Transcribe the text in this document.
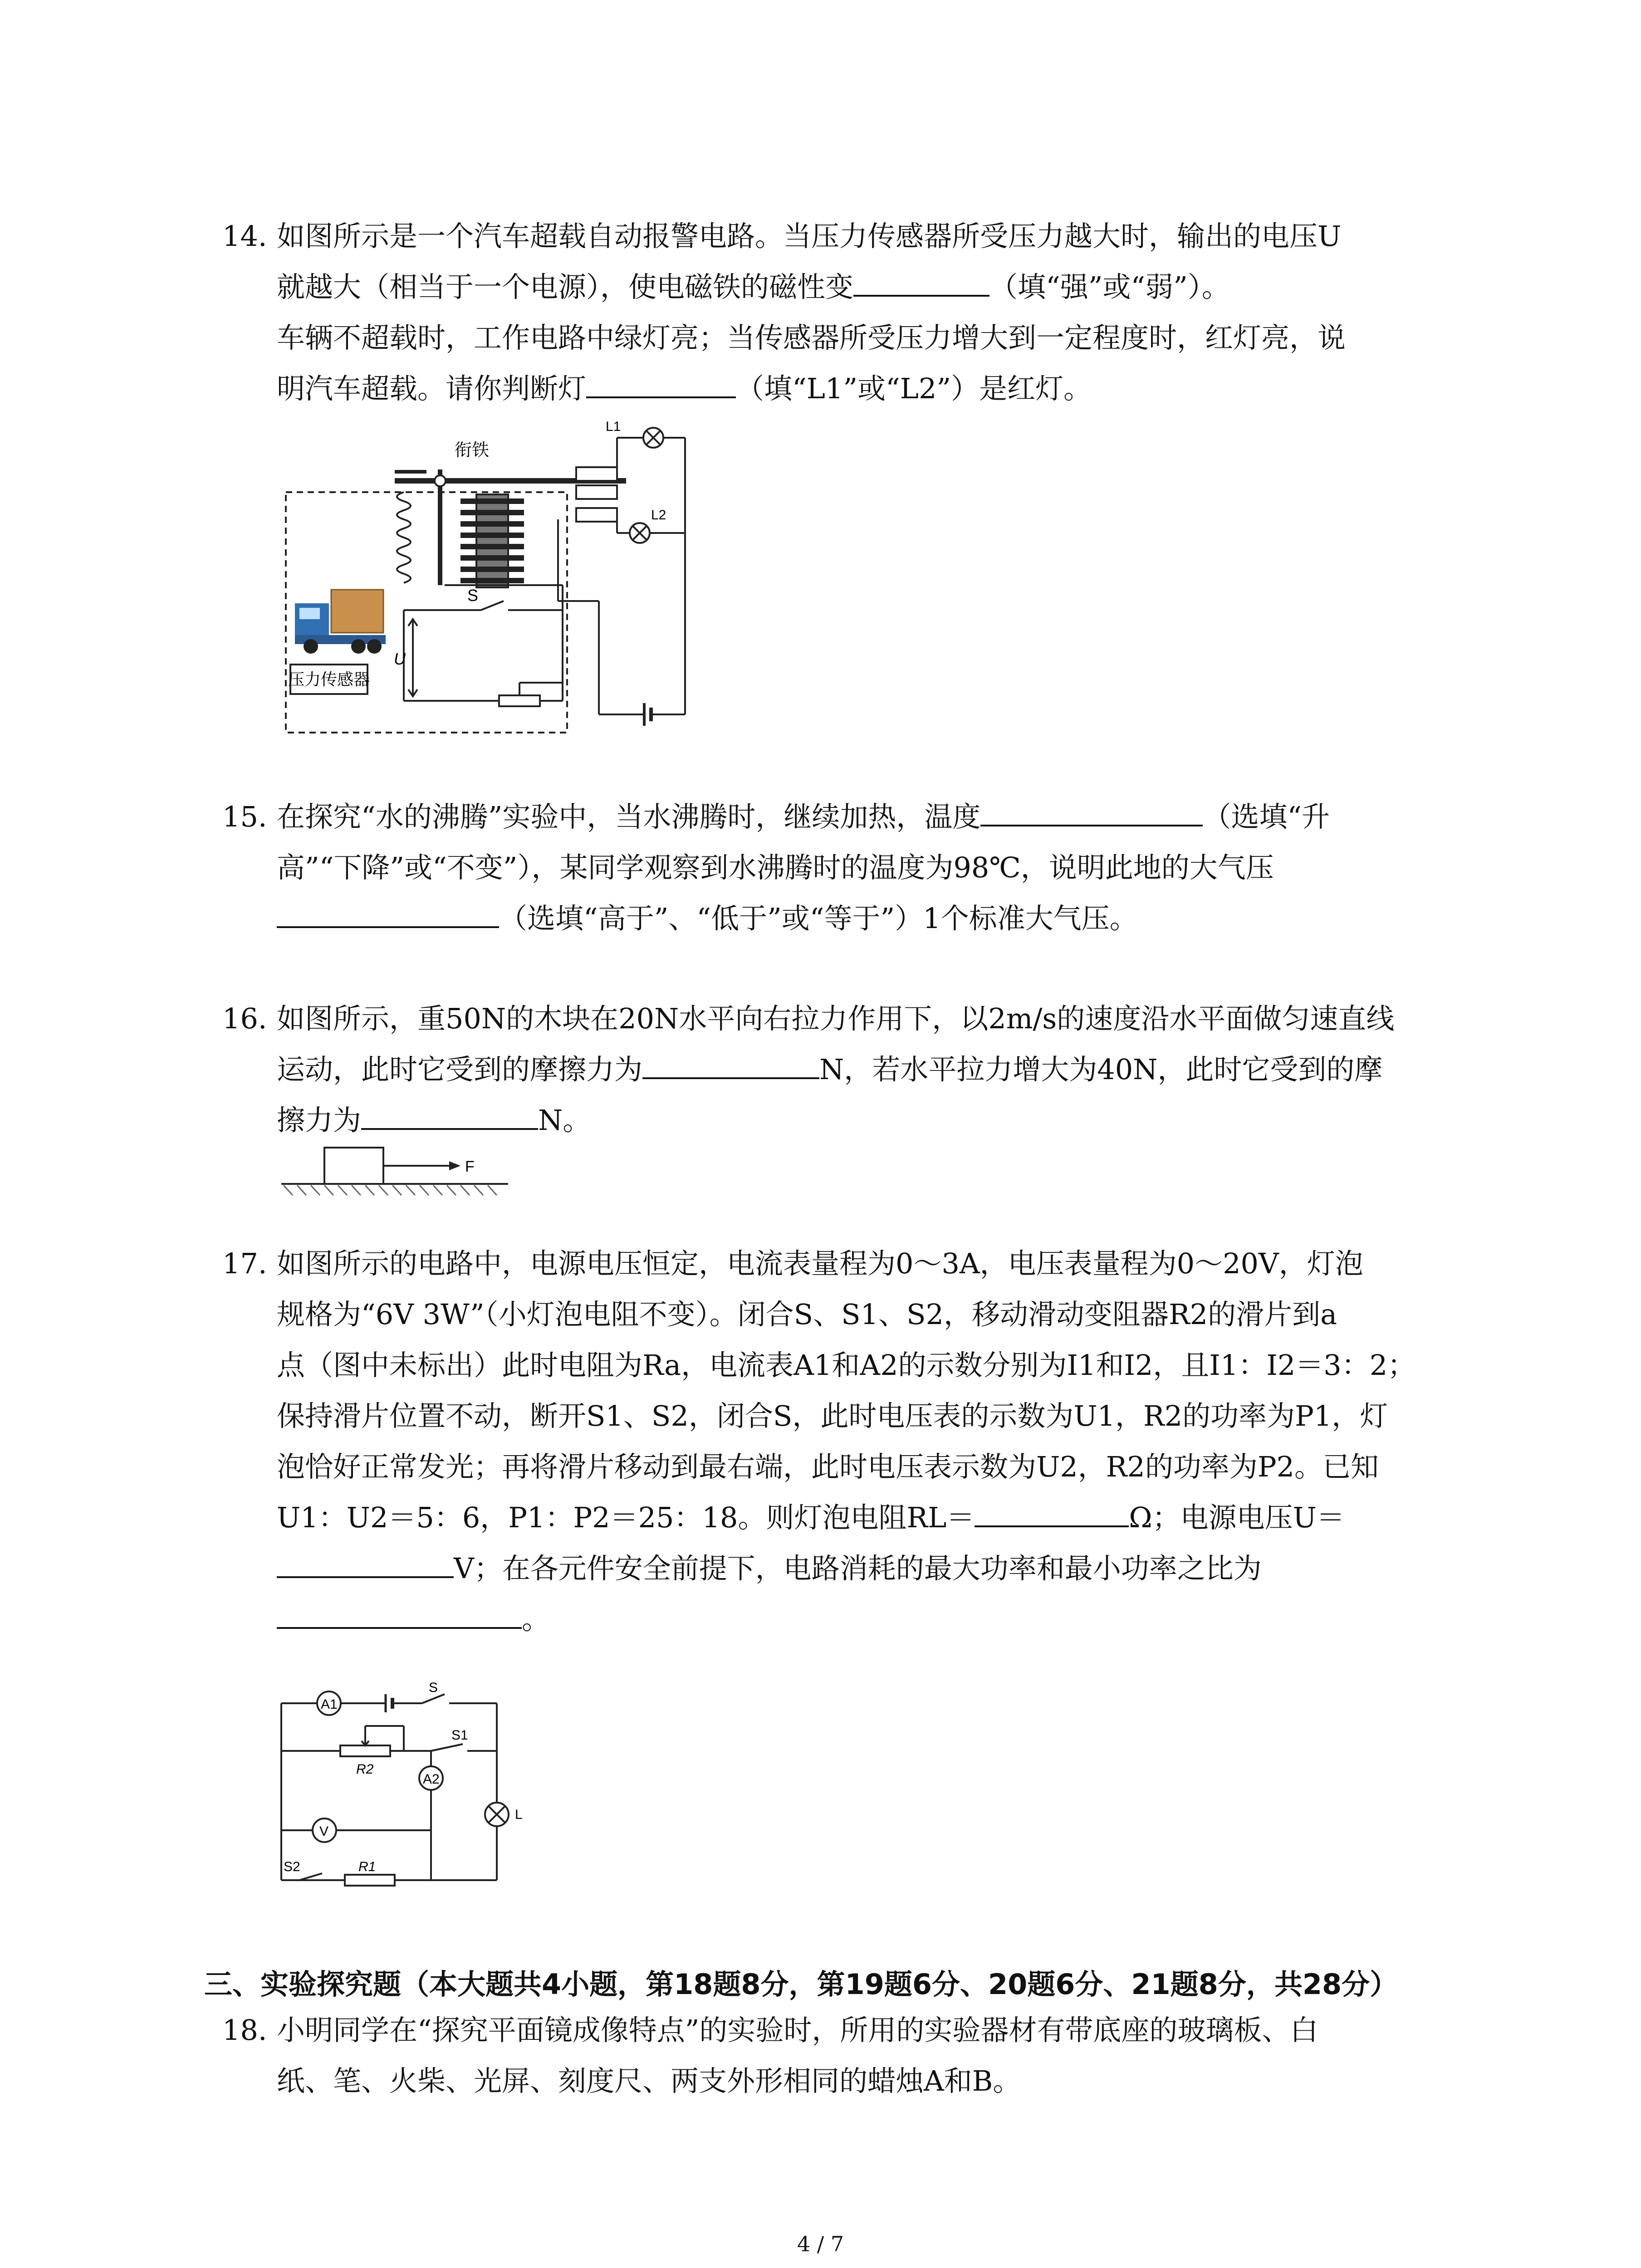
14. 如图所示是一个汽车超载自动报警电路。当压力传感器所受压力越大时，输出的电压U
就越大（相当于一个电源），使电磁铁的磁性变	（填“强”或“弱”）。
车辆不超载时，工作电路中绿灯亮；当传感器所受压力增大到一定程度时，红灯亮，说
明汽车超载。请你判断灯	（填“L1”或“L2”）是红灯。
压力传感器
衔铁
L1
L2
S
U
15. 在探究“水的沸腾”实验中，当水沸腾时，继续加热，温度	（选填“升
高”“下降”或“不变”），某同学观察到水沸腾时的温度为98℃，说明此地的大气压
（选填“高于”、“低于”或“等于”）1个标准大气压。
16. 如图所示，重50N的木块在20N水平向右拉力作用下，以2m/s的速度沿水平面做匀速直线
运动，此时它受到的摩擦力为	N，若水平拉力增大为40N，此时它受到的摩
擦力为	N。
F
17. 如图所示的电路中，电源电压恒定，电流表量程为0～3A，电压表量程为0～20V，灯泡
规格为“6V 3W”（小灯泡电阻不变）。闭合S、S1、S2，移动滑动变阻器R2的滑片到a
点（图中未标出）此时电阻为Ra，电流表A1和A2的示数分别为I1和I2，且I1：I2＝3：2；
保持滑片位置不动，断开S1、S2，闭合S，此时电压表的示数为U1，R2的功率为P1，灯
泡恰好正常发光；再将滑片移动到最右端，此时电压表示数为U2，R2的功率为P2。已知
U1：U2＝5：6，P1：P2＝25：18。则灯泡电阻RL＝	Ω；电源电压U＝
V；在各元件安全前提下，电路消耗的最大功率和最小功率之比为
。
A1
A2
V
S
S1
S2	R1
R2
L
三、实验探究题（本大题共4小题，第18题8分，第19题6分、20题6分、21题8分，共28分）
18. 小明同学在“探究平面镜成像特点”的实验时，所用的实验器材有带底座的玻璃板、白
纸、笔、火柴、光屏、刻度尺、两支外形相同的蜡烛A和B。
4 / 7
